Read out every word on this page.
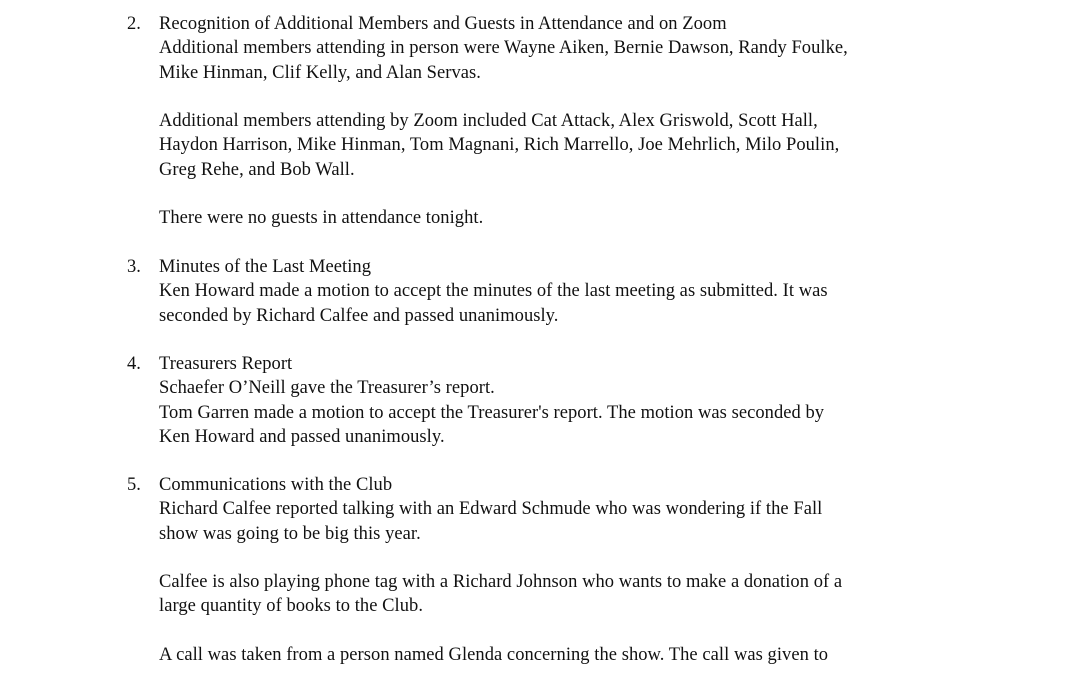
2. Recognition of Additional Members and Guests in Attendance and on Zoom
Additional members attending in person were Wayne Aiken, Bernie Dawson, Randy Foulke,
Mike Hinman, Clif Kelly, and Alan Servas.
Additional members attending by Zoom included Cat Attack, Alex Griswold, Scott Hall,
Haydon Harrison, Mike Hinman, Tom Magnani, Rich Marrello, Joe Mehrlich, Milo Poulin,
Greg Rehe, and Bob Wall.
There were no guests in attendance tonight.
3. Minutes of the Last Meeting
Ken Howard made a motion to accept the minutes of the last meeting as submitted. It was
seconded by Richard Calfee and passed unanimously.
4. Treasurers Report
Schaefer O’Neill gave the Treasurer’s report.
Tom Garren made a motion to accept the Treasurer's report. The motion was seconded by
Ken Howard and passed unanimously.
5. Communications with the Club
Richard Calfee reported talking with an Edward Schmude who was wondering if the Fall
show was going to be big this year.
Calfee is also playing phone tag with a Richard Johnson who wants to make a donation of a
large quantity of books to the Club.
A call was taken from a person named Glenda concerning the show. The call was given to
